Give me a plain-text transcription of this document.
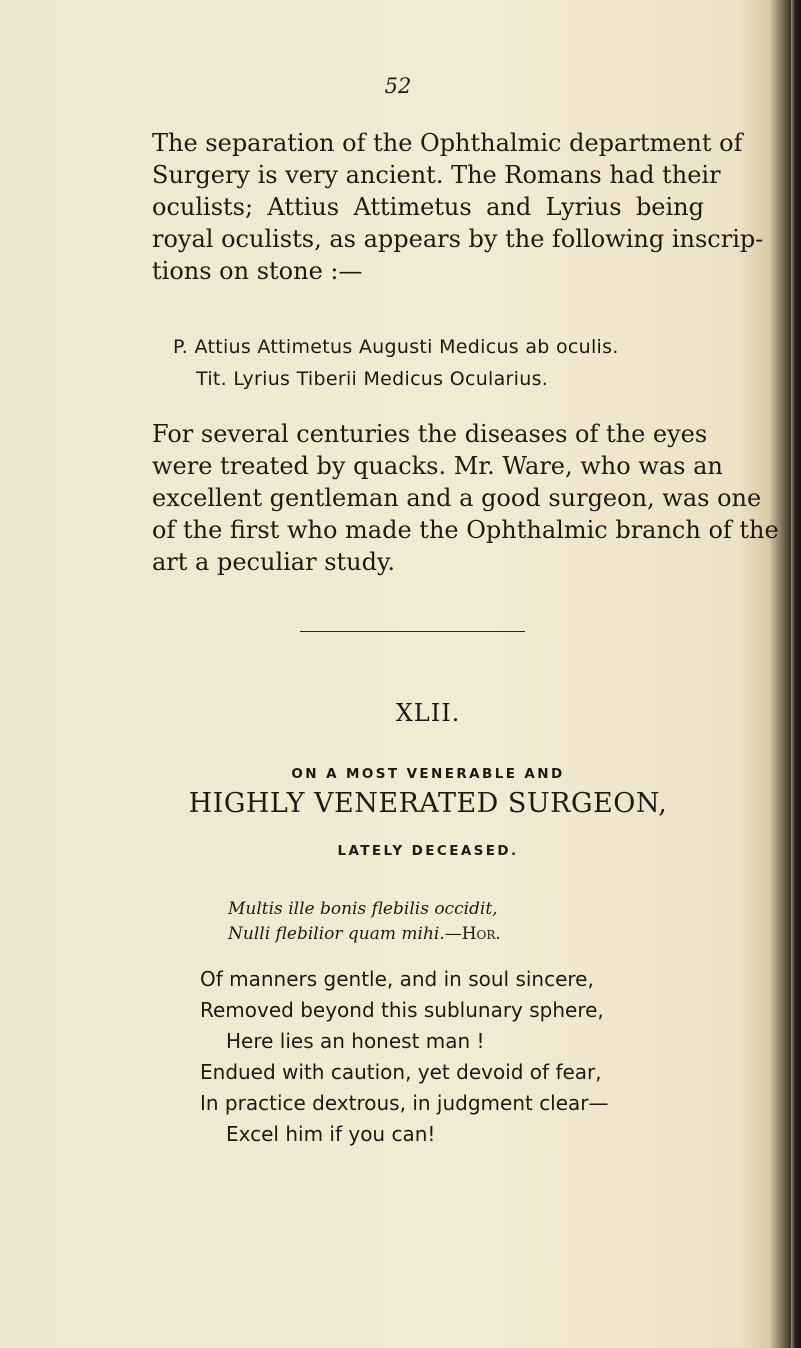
52
The separation of the Ophthalmic department of
Surgery is very ancient. The Romans had their
oculists; Attius Attimetus and Lyrius being
royal oculists, as appears by the following inscrip-
tions on stone :—
P. Attius Attimetus Augusti Medicus ab oculis.
Tit. Lyrius Tiberii Medicus Ocularius.
For several centuries the diseases of the eyes
were treated by quacks. Mr. Ware, who was an
excellent gentleman and a good surgeon, was one
of the first who made the Ophthalmic branch of the
art a peculiar study.
XLII.
ON A MOST VENERABLE AND
HIGHLY VENERATED SURGEON,
LATELY DECEASED.
Multis ille bonis flebilis occidit,
Nulli flebilior quam mihi.—Hor.
Of manners gentle, and in soul sincere,
Removed beyond this sublunary sphere,
Here lies an honest man !
Endued with caution, yet devoid of fear,
In practice dextrous, in judgment clear—
Excel him if you can!
